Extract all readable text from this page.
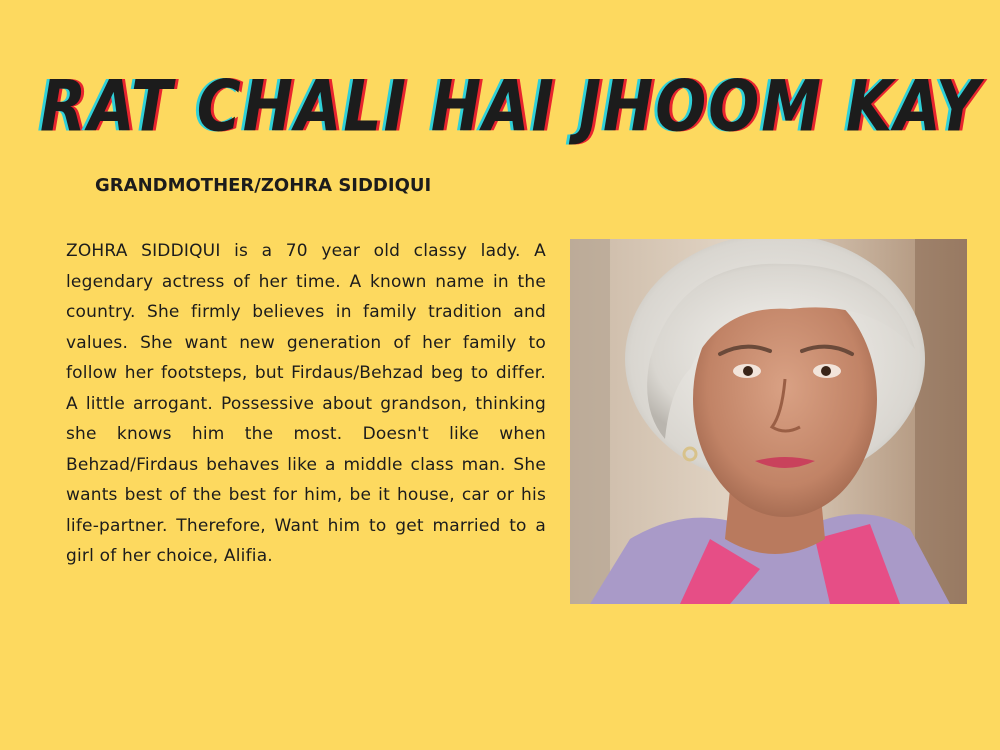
RAT CHALI HAI JHOOM KAY
GRANDMOTHER/ZOHRA SIDDIQUI

ZOHRA SIDDIQUI is a 70 year old classy lady. A legendary actress of her time. A known name in the country. She firmly believes in family tradition and values. She want new generation of her family to follow her footsteps, but Firdaus/Behzad beg to differ. A little arrogant. Possessive about grandson, thinking she knows him the most. Doesn't like when Behzad/Firdaus behaves like a middle class man. She wants best of the best for him, be it house, car or his life-partner. Therefore, Want him to get married to a girl of her choice, Alifia.
